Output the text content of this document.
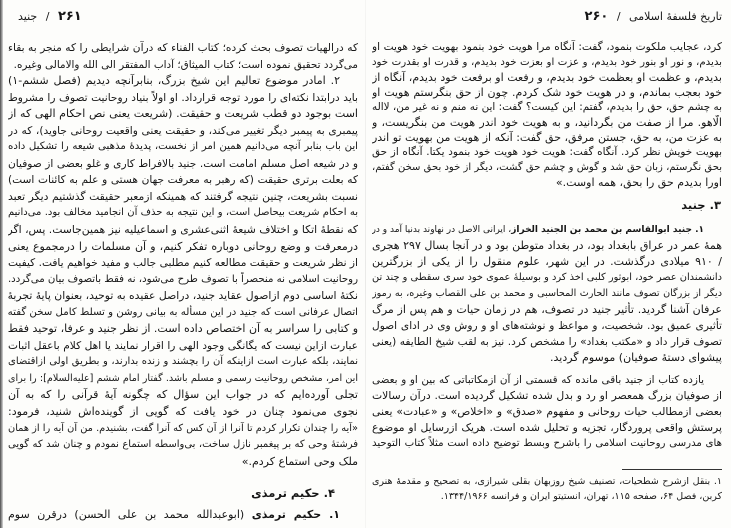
۲۶۱ / جنید
که درالهیات تصوف بحث کرده؛ کتاب الفناء که درآن شرایطی را که منجر به بقاء
می‌گردد تحقیق نموده است؛ کتاب المیثاق؛ آداب المفتقر الی الله والامالی وغیره.
۲. امادر موضوع تعالیم این شیخ بزرگ، بنابرآنچه دیدیم (فصل ششم-۱)
باید درابتدا نکته‌ای را مورد توجه قرارداد. او اولاً بنیاد روحانیت تصوف را مشروط
است بوجود دو قطب شریعت و حقیقت. (شریعت یعنی نص احکام الهی که از
پیمبری به پیمبر دیگر تغییر می‌کند، و حقیقت یعنی واقعیت روحانی جاوید)، که در
این باب بنابر آنچه می‌دانیم همین امر از نخست، پدیدهٔ مذهبی شیعه را تشکیل داده
و در شیعه اصل مسلم امامت است. جنید بالافراط کاری و غلو بعضی از صوفیان
که بعلت برتری حقیقت (که رهبر به معرفت جهان هستی و علم به کائنات است)
نسبت بشریعت، چنین نتیجه گرفتند که همینکه ازمعبر حقیقت گذشتیم دیگر تعبد
به احکام شریعت بیحاصل است، و این نتیجه به حذف آن انجامید مخالف بود. می‌دانیم
که نقطهٔ اتکا و اختلاف شیعهٔ اثنی‌عشری و اسماعیلیه نیز همین‌جاست. پس، اگر
درمعرفت و وضع روحانی دوباره تفکر کنیم، و آن مسلمات را درمجموع یعنی
از نظر شریعت و حقیقت مطالعه کنیم مطلبی جالب و مفید خواهیم یافت. کیفیت
روحانیت اسلامی نه منحصراً با تصوف طرح می‌شود، نه فقط باتصوف بیان می‌گردد.
نکتهٔ اساسی دوم ازاصول عقاید جنید، دراصل عقیده به توحید، بعنوان پایهٔ تجربهٔ
اتصال عرفانی است که جنید در این مسأله به بیانی روشن و تسلط کامل سخن گفته
و کتابی را سراسر به آن اختصاص داده است. از نظر جنید و عرفا، توحید فقط
عبارت ازاین نیست که یگانگی وجود الهی را اقرار نمایند یا اهل کلام باعقل اثبات
نمایند، بلکه عبارت است ازاینکه آن را بچشند و زنده بدارند، و بطریق اولی ازاقتضای
این امر، مشخص روحانیت رسمی و مسلم باشد. گفتار امام ششم [علیه‌السلام]: را برای
تجلی آورده‌ایم که در جواب این سؤال که چگونه آیهٔ قرآنی را که به آن
نجوی می‌نمود چنان در خود یافت که گویی از گوینده‌اش شنید، فرمود:
«آیه را چندان تکرار کردم تا آنرا از آن کس که آنرا گفت، بشنیدم. من آن آیه را از همان
فرشتهٔ وحی که بر پیغمبر نازل ساخت، بی‌واسطه استماع نمودم و چنان شد که گویی
ملک وحی استماع کردم.»
۴. حکیم ترمذی
۱. حکیم ترمذی (ابوعبدالله محمد بن علی الحسن) درقرن سوم
تاریخ فلسفهٔ اسلامی / ۲۶۰
کرد، عجایب ملکوت بنمود، گفت: آنگاه مرا هویت خود بنمود بهویت خود هویت او
بدیدم، و نور او بنور خود بدیدم، و عزت او بعزت خود بدیدم، و قدرت او بقدرت خود
بدیدم، و عظمت او بعظمت خود بدیدم، و رفعت او برفعت خود بدیدم، آنگاه از
خود بعجب بماندم، و در هویت خود شک کردم. چون از حق بنگرستم هویت او
به چشم حق، حق را بدیدم، گفتم: این کیست؟ گفت: این نه منم و نه غیر من، لااله
الّاهو. مرا از صفت من بگردانید، و به هویت خود اندر هویت من بنگریست، و
به عزت من، به حق، جستن مرفق، حق گفت: آنکه از هویت من بهویت تو اندر
بهویت خویش نظر کرد. آنگاه گفت: هویت خود هویت خود بنمود یکتا. آنگاه از حق
بحق نگرستم، زبان حق شد و گوش و چشم حق گشت، دیگر از خود بحق سخن گفتم،
اورا بدیدم حق را بحق، همه اوست.»
۳. جنید
۱. جنید ابوالقاسم بن محمد بن الجنید الخراز، ایرانی الاصل در نهاوند بدنیا آمد و در
همهٔ عمر در عراق بابغداد بود، در بغداد متوطن بود و در آنجا بسال ۲۹۷ هجری
/ ۹۱۰ میلادی درگذشت. در این شهر، علوم منقول را از یکی از بزرگترین
دانشمندان عصر خود، ابوثور کلبی اخذ کرد و بوسیلهٔ عموی خود سری سقطی و چند تن
دیگر از بزرگان تصوف مانند الحارث المحاسبی و محمد بن علی القصاب وغیره، به رموز
عرفان آشنا گردید. تأثیر جنید در تصوف، هم در زمان حیات و هم پس از مرگ
تأثیری عمیق بود. شخصیت، و مواعظ و نوشته‌های او و روش وی در ادای اصول
تصوف قرار داد و «مکتب بغداد» را مشخص کرد. نیز به لقب شیخ الطایفه (یعنی
پیشوای دستهٔ صوفیان) موسوم گردید.
یازده کتاب از جنید باقی مانده که قسمتی از آن ازمکاتباتی که بین او و بعضی
از صوفیان بزرگ همعصر او رد و بدل شده تشکیل گردیده است. درآن رسالات
بعضی ازمطالب حیات روحانی و مفهوم «صدق» و «اخلاص» و «عبادت» یعنی
پرستش واقعی پروردگار، تجزیه و تحلیل شده است. هریک ازرسایل او موضوع
های مدرسی روحانیت اسلامی را باشرح وبسط توضیح داده است مثلاً کتاب التوحید
۱. بنقل ازشرح شطحیات، تصنیف شیخ روزبهان بقلی شیرازی، به تصحیح و مقدمهٔ هنری
کربن، فصل ۶۴، صفحه ۱۱۵، تهران، انستیتو ایران و فرانسه ۱۳۴۴/۱۹۶۶.
